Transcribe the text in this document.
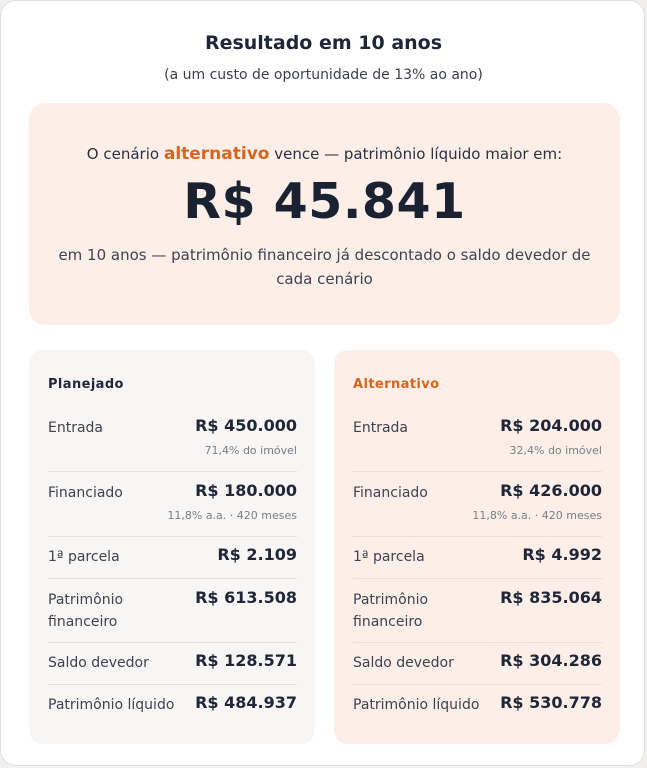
Resultado em 10 anos
(a um custo de oportunidade de 13% ao ano)
O cenário alternativo vence — patrimônio líquido maior em:
R$ 45.841
em 10 anos — patrimônio financeiro já descontado o saldo devedor de cada cenário
Planejado
Entrada	R$ 450.000
71,4% do imóvel
Financiado	R$ 180.000
11,8% a.a. · 420 meses
1ª parcela	R$ 2.109
Patrimônio
financeiro
R$ 613.508
Saldo devedor	R$ 128.571
Patrimônio líquido R$ 484.937
Alternativo
Entrada	R$ 204.000
32,4% do imóvel
Financiado	R$ 426.000
11,8% a.a. · 420 meses
1ª parcela	R$ 4.992
Patrimônio
financeiro
R$ 835.064
Saldo devedor	R$ 304.286
Patrimônio líquido R$ 530.778
